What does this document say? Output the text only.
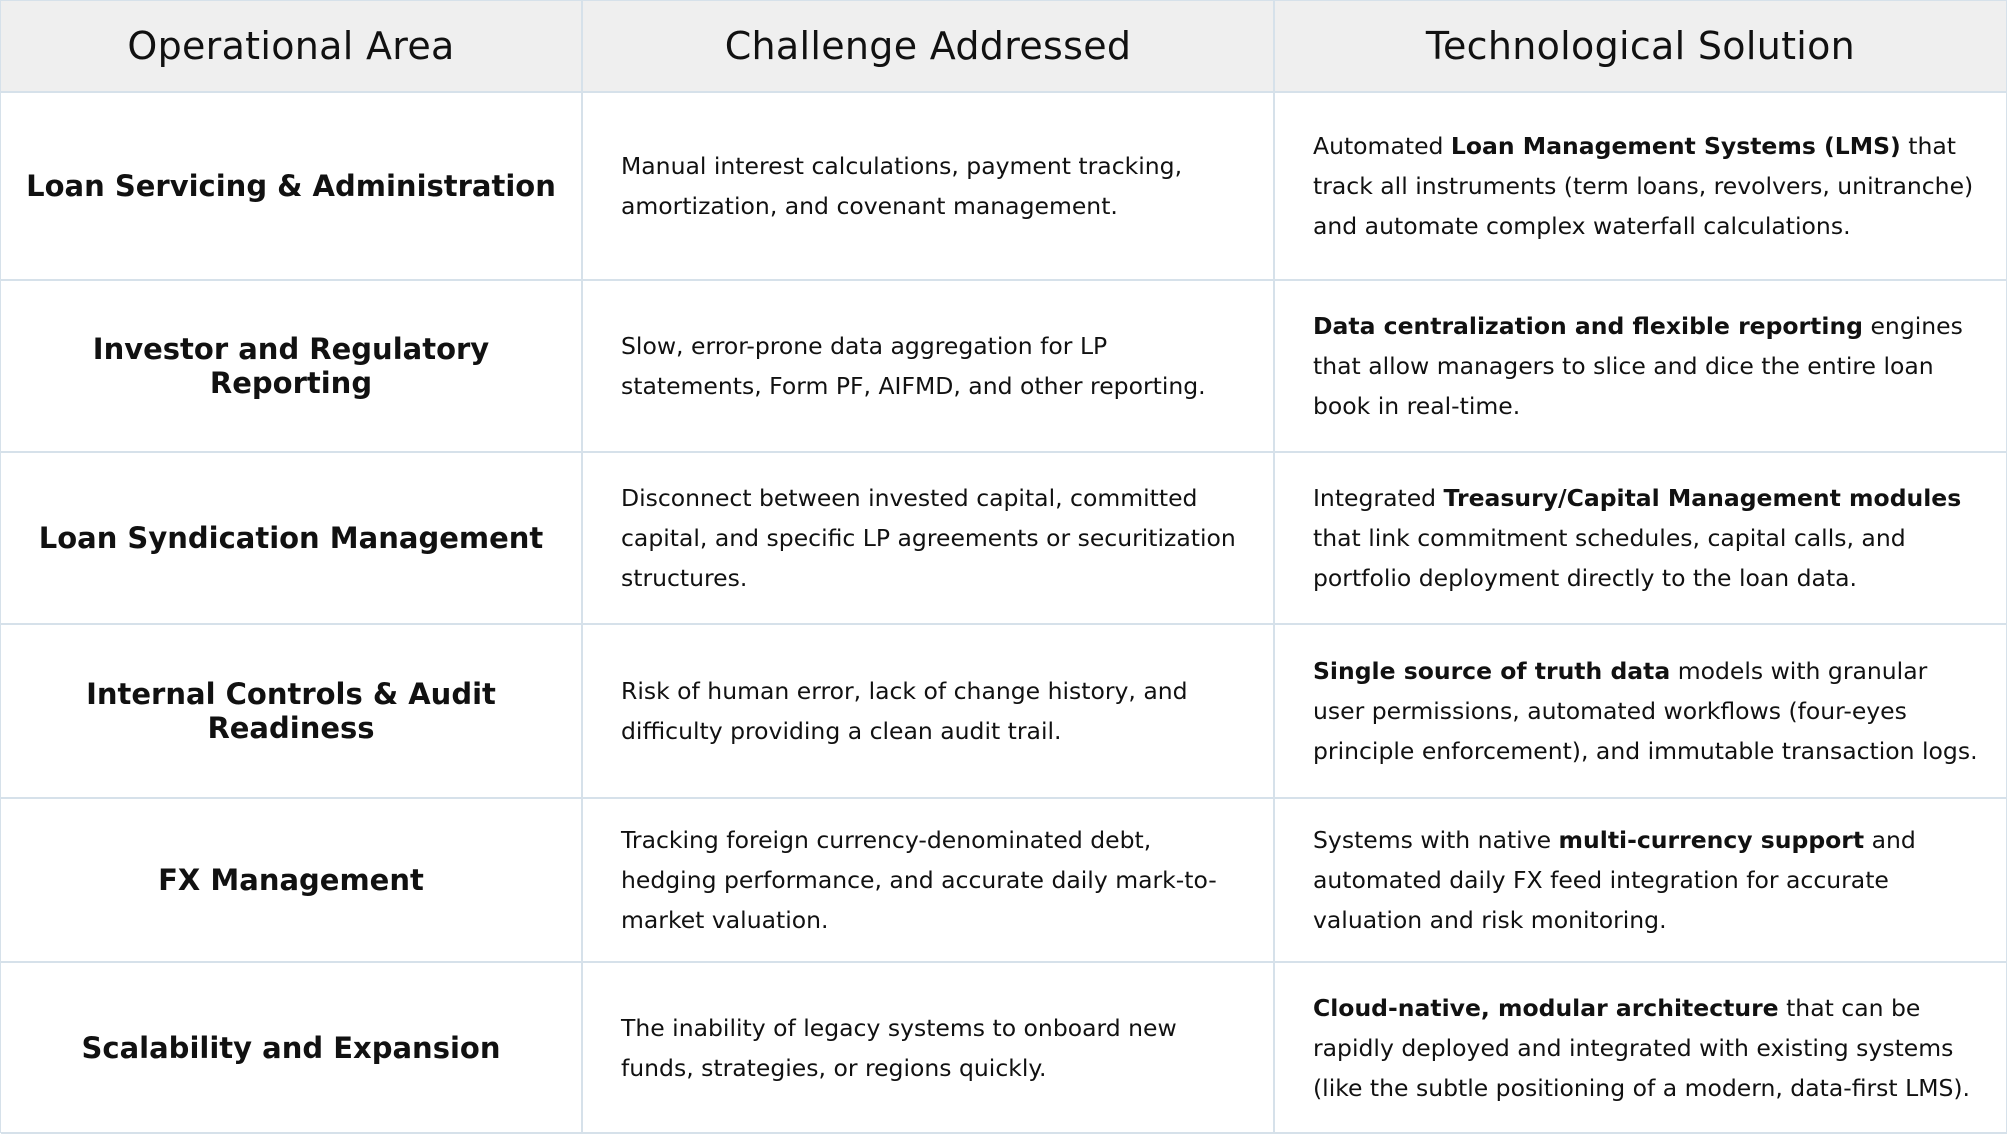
Operational Area	Challenge Addressed	Technological Solution
Loan Servicing & Administration
Manual interest calculations, payment tracking, amortization, and covenant management.
Automated Loan Management Systems (LMS) that track all instruments (term loans, revolvers, unitranche) and automate complex waterfall calculations.
Investor and Regulatory Reporting
Slow, error-prone data aggregation for LP statements, Form PF, AIFMD, and other reporting.
Data centralization and flexible reporting engines that allow managers to slice and dice the entire loan book in real-time.
Loan Syndication Management
Disconnect between invested capital, committed capital, and specific LP agreements or securitization structures.
Integrated Treasury/Capital Management modules that link commitment schedules, capital calls, and portfolio deployment directly to the loan data.
Internal Controls & Audit Readiness
Risk of human error, lack of change history, and difficulty providing a clean audit trail.
Single source of truth data models with granular user permissions, automated workflows (four-eyes principle enforcement), and immutable transaction logs.
FX Management
Tracking foreign currency-denominated debt, hedging performance, and accurate daily mark-to-market valuation.
Systems with native multi-currency support and automated daily FX feed integration for accurate valuation and risk monitoring.
Scalability and Expansion
The inability of legacy systems to onboard new funds, strategies, or regions quickly.
Cloud-native, modular architecture that can be rapidly deployed and integrated with existing systems (like the subtle positioning of a modern, data-first LMS).
